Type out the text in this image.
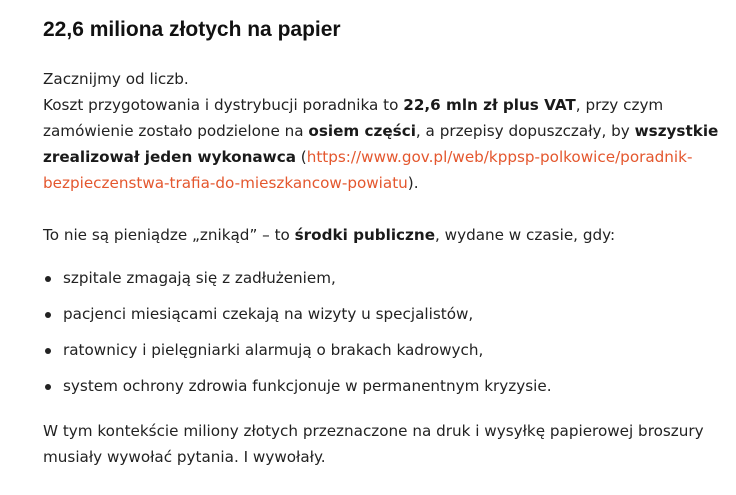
22,6 miliona złotych na papier

Zacznijmy od liczb.
Koszt przygotowania i dystrybucji poradnika to 22,6 mln zł plus VAT, przy czym zamówienie zostało podzielone na osiem części, a przepisy dopuszczały, by wszystkie zrealizował jeden wykonawca (https://www.gov.pl/web/kppsp-polkowice/poradnik-bezpieczenstwa-trafia-do-mieszkancow-powiatu).

To nie są pieniądze „znikąd” – to środki publiczne, wydane w czasie, gdy:

szpitale zmagają się z zadłużeniem,
pacjenci miesiącami czekają na wizyty u specjalistów,
ratownicy i pielęgniarki alarmują o brakach kadrowych,
system ochrony zdrowia funkcjonuje w permanentnym kryzysie.

W tym kontekście miliony złotych przeznaczone na druk i wysyłkę papierowej broszury musiały wywołać pytania. I wywołały.
